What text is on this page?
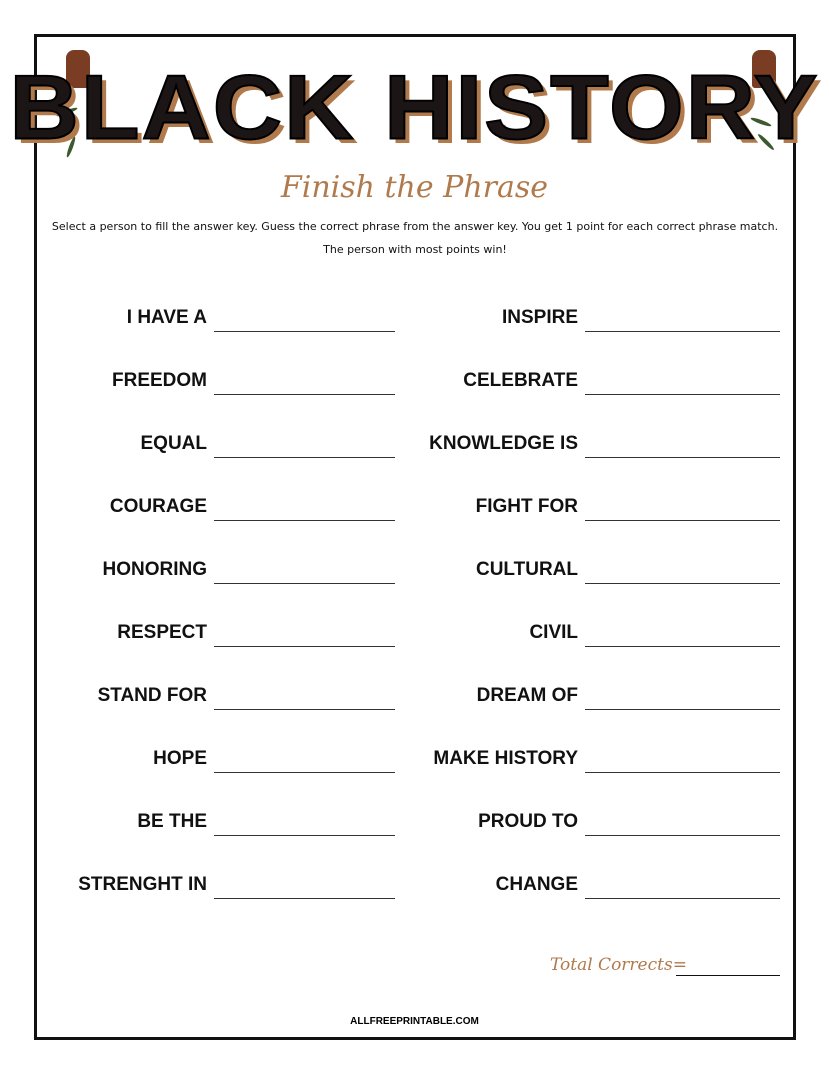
BLACK HISTORY
Finish the Phrase
Select a person to fill the answer key. Guess the correct phrase from the answer key. You get 1 point for each correct phrase match.
The person with most points win!
I HAVE A	INSPIRE
FREEDOM	CELEBRATE
EQUAL	KNOWLEDGE IS
COURAGE	FIGHT FOR
HONORING	CULTURAL
RESPECT	CIVIL
STAND FOR	DREAM OF
HOPE	MAKE HISTORY
BE THE	PROUD TO
STRENGHT IN	CHANGE
Total Corrects=
ALLFREEPRINTABLE.COM
